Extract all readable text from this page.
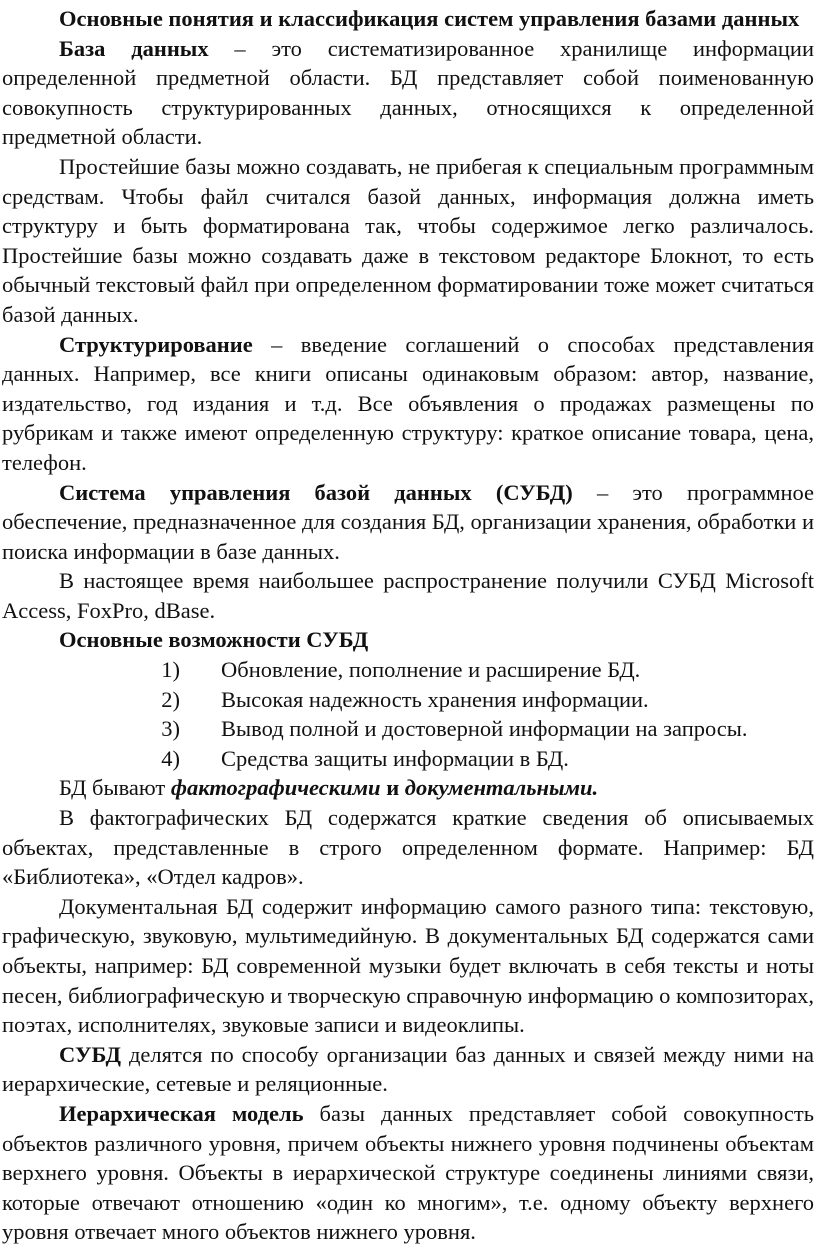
Основные понятия и классификация систем управления базами данных

База данных – это систематизированное хранилище информации определенной предметной области. БД представляет собой поименованную совокупность структурированных данных, относящихся к определенной предметной области.

Простейшие базы можно создавать, не прибегая к специальным программным средствам. Чтобы файл считался базой данных, информация должна иметь структуру и быть форматирована так, чтобы содержимое легко различалось. Простейшие базы можно создавать даже в текстовом редакторе Блокнот, то есть обычный текстовый файл при определенном форматировании тоже может считаться базой данных.

Структурирование – введение соглашений о способах представления данных. Например, все книги описаны одинаковым образом: автор, название, издательство, год издания и т.д. Все объявления о продажах размещены по рубрикам и также имеют определенную структуру: краткое описание товара, цена, телефон.

Система управления базой данных (СУБД) – это программное обеспечение, предназначенное для создания БД, организации хранения, обработки и поиска информации в базе данных.

В настоящее время наибольшее распространение получили СУБД Microsoft Access, FoxPro, dBase.

Основные возможности СУБД

1)	Обновление, пополнение и расширение БД.
2)	Высокая надежность хранения информации.
3)	Вывод полной и достоверной информации на запросы.
4)	Средства защиты информации в БД.

БД бывают фактографическими и документальными.

В фактографических БД содержатся краткие сведения об описываемых объектах, представленные в строго определенном формате. Например: БД «Библиотека», «Отдел кадров».

Документальная БД содержит информацию самого разного типа: текстовую, графическую, звуковую, мультимедийную. В документальных БД содержатся сами объекты, например: БД современной музыки будет включать в себя тексты и ноты песен, библиографическую и творческую справочную информацию о композиторах, поэтах, исполнителях, звуковые записи и видеоклипы.

СУБД делятся по способу организации баз данных и связей между ними на иерархические, сетевые и реляционные.

Иерархическая модель базы данных представляет собой совокупность объектов различного уровня, причем объекты нижнего уровня подчинены объектам верхнего уровня. Объекты в иерархической структуре соединены линиями связи, которые отвечают отношению «один ко многим», т.е. одному объекту верхнего уровня отвечает много объектов нижнего уровня.
